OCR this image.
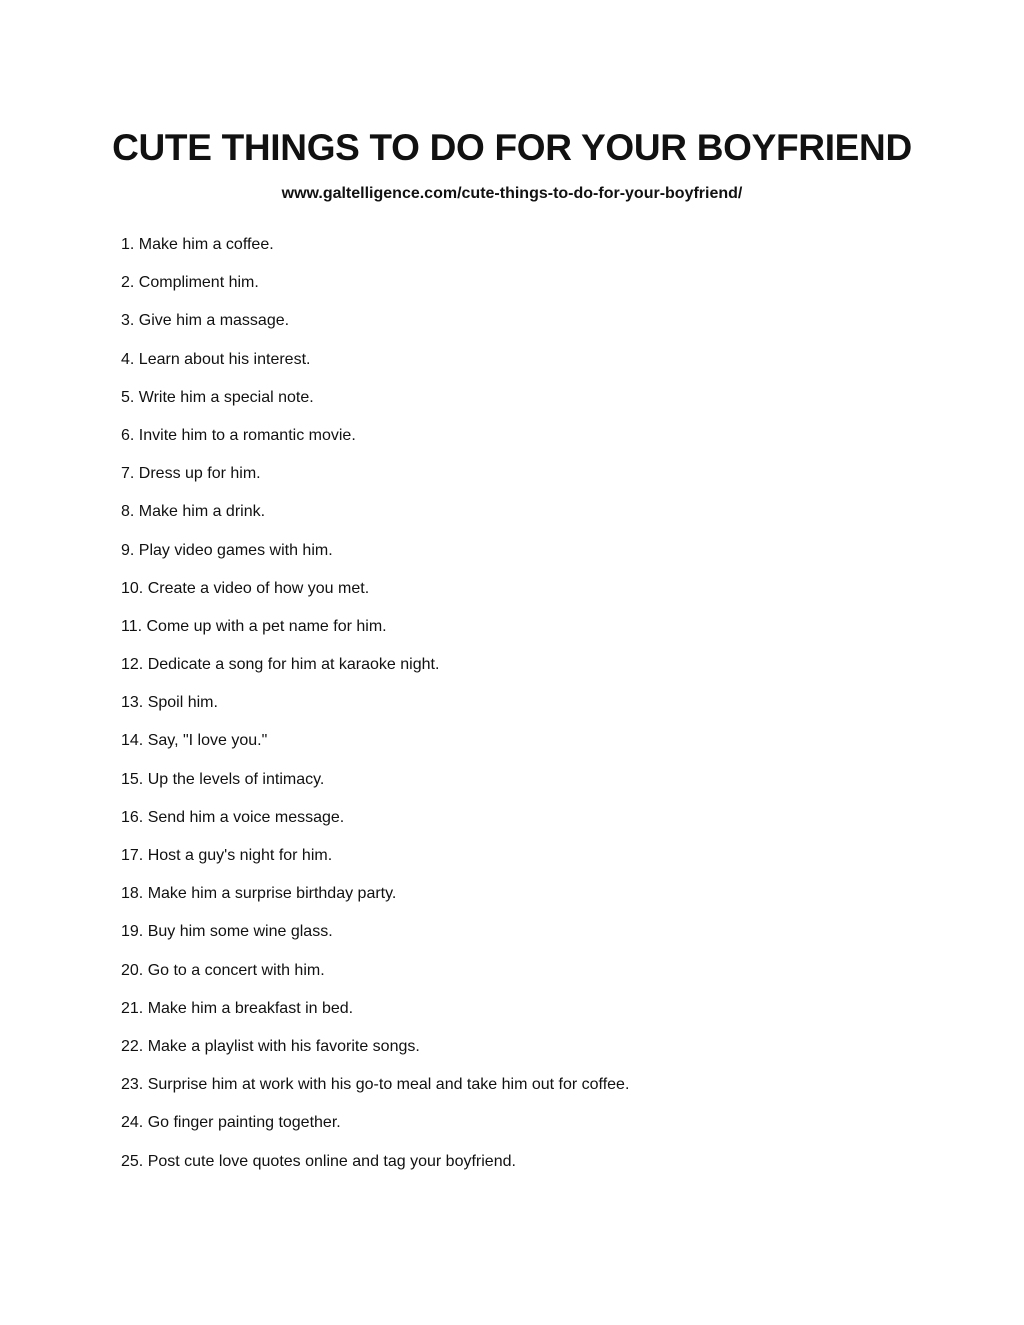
CUTE THINGS TO DO FOR YOUR BOYFRIEND

www.galtelligence.com/cute-things-to-do-for-your-boyfriend/

1. Make him a coffee.
2. Compliment him.
3. Give him a massage.
4. Learn about his interest.
5. Write him a special note.
6. Invite him to a romantic movie.
7. Dress up for him.
8. Make him a drink.
9. Play video games with him.
10. Create a video of how you met.
11. Come up with a pet name for him.
12. Dedicate a song for him at karaoke night.
13. Spoil him.
14. Say, "I love you."
15. Up the levels of intimacy.
16. Send him a voice message.
17. Host a guy's night for him.
18. Make him a surprise birthday party.
19. Buy him some wine glass.
20. Go to a concert with him.
21. Make him a breakfast in bed.
22. Make a playlist with his favorite songs.
23. Surprise him at work with his go-to meal and take him out for coffee.
24. Go finger painting together.
25. Post cute love quotes online and tag your boyfriend.
